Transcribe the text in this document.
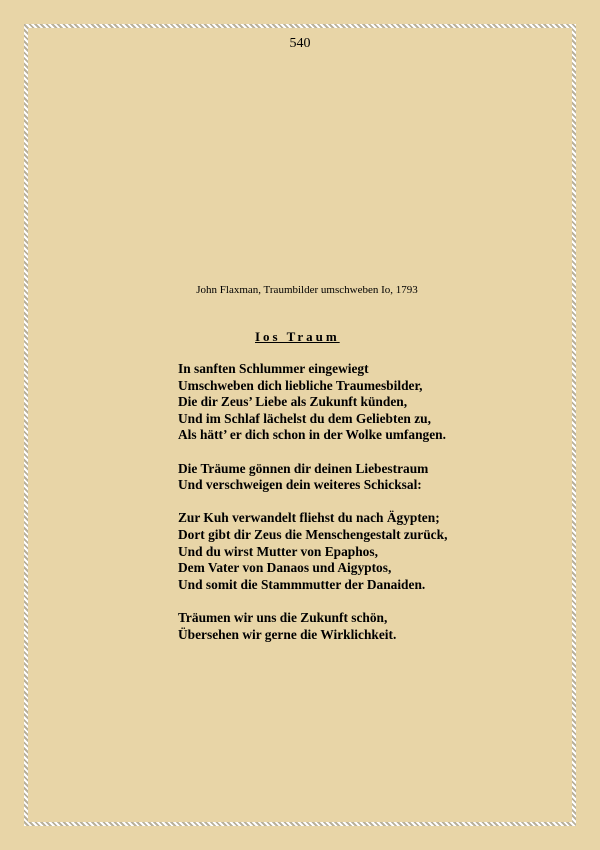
540
John Flaxman, Traumbilder umschweben Io, 1793
Ios Traum
In sanften Schlummer eingewiegt
Umschweben dich liebliche Traumesbilder,
Die dir Zeus’ Liebe als Zukunft künden,
Und im Schlaf lächelst du dem Geliebten zu,
Als hätt’ er dich schon in der Wolke umfangen.
Die Träume gönnen dir deinen Liebestraum
Und verschweigen dein weiteres Schicksal:
Zur Kuh verwandelt fliehst du nach Ägypten;
Dort gibt dir Zeus die Menschengestalt zurück,
Und du wirst Mutter von Epaphos,
Dem Vater von Danaos und Aigyptos,
Und somit die Stammmutter der Danaiden.
Träumen wir uns die Zukunft schön,
Übersehen wir gerne die Wirklichkeit.
